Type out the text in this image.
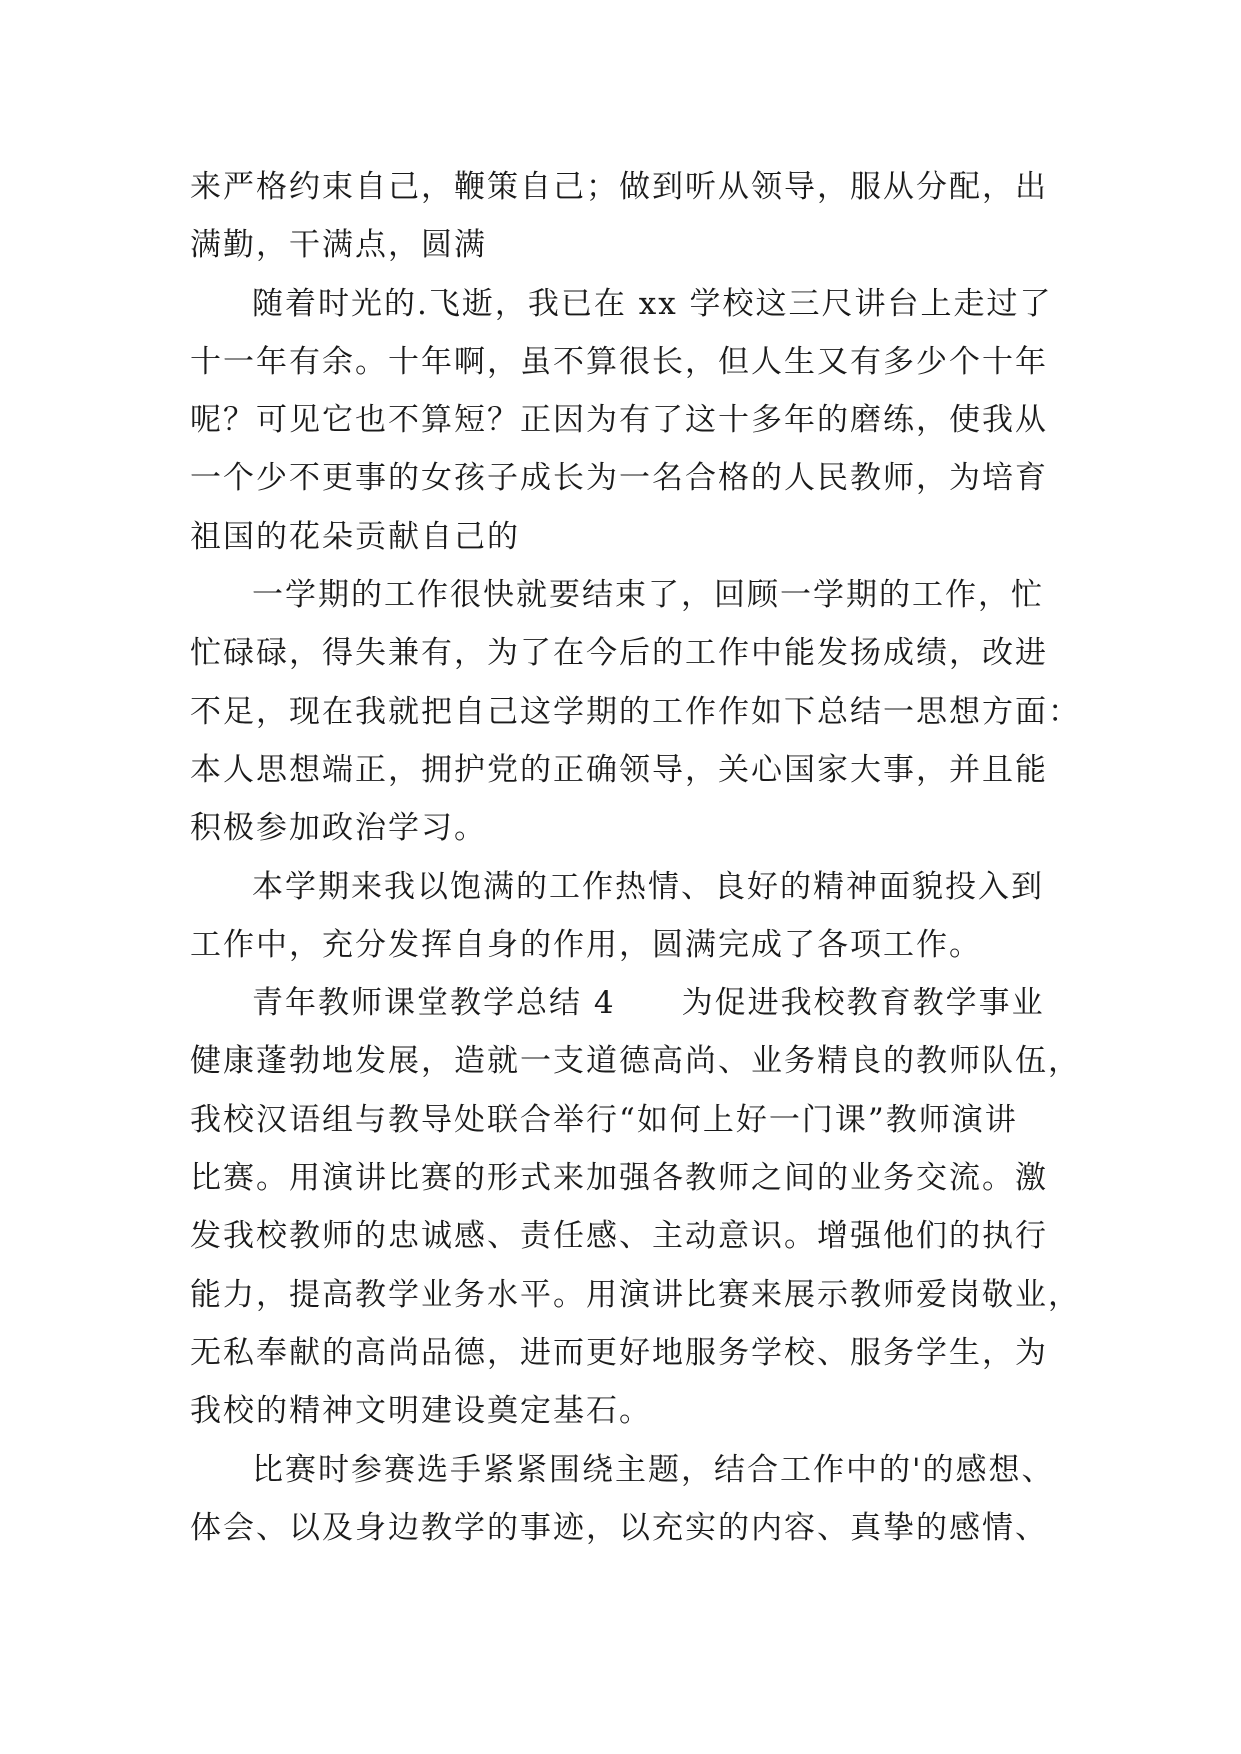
来严格约束自己，鞭策自己；做到听从领导，服从分配，出
满勤，干满点，圆满
随着时光的.飞逝，我已在 xx 学校这三尺讲台上走过了
十一年有余。十年啊，虽不算很长，但人生又有多少个十年
呢？可见它也不算短？正因为有了这十多年的磨练，使我从
一个少不更事的女孩子成长为一名合格的人民教师，为培育
祖国的花朵贡献自己的
一学期的工作很快就要结束了，回顾一学期的工作，忙
忙碌碌，得失兼有，为了在今后的工作中能发扬成绩，改进
不足，现在我就把自己这学期的工作作如下总结一思想方面：
本人思想端正，拥护党的正确领导，关心国家大事，并且能
积极参加政治学习。
本学期来我以饱满的工作热情、良好的精神面貌投入到
工作中，充分发挥自身的作用，圆满完成了各项工作。
青年教师课堂教学总结 4　　为促进我校教育教学事业
健康蓬勃地发展，造就一支道德高尚、业务精良的教师队伍，
我校汉语组与教导处联合举行“如何上好一门课”教师演讲
比赛。用演讲比赛的形式来加强各教师之间的业务交流。激
发我校教师的忠诚感、责任感、主动意识。增强他们的执行
能力，提高教学业务水平。用演讲比赛来展示教师爱岗敬业，
无私奉献的高尚品德，进而更好地服务学校、服务学生，为
我校的精神文明建设奠定基石。
比赛时参赛选手紧紧围绕主题，结合工作中的'的感想、
体会、以及身边教学的事迹，以充实的内容、真挚的感情、
